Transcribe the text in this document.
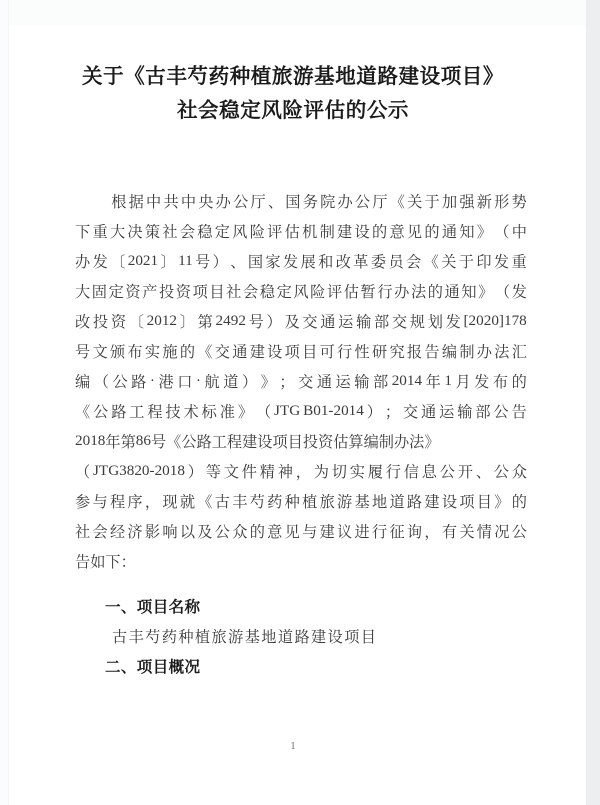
关于《古丰芍药种植旅游基地道路建设项目》
社会稳定风险评估的公示
根 据 中 共 中 央 办 公 厅 、 国 务 院 办 公 厅 《 关 于 加 强 新 形 势
下 重 大 决 策 社 会 稳 定 风 险 评 估 机 制 建 设 的 意 见 的 通 知 》 （ 中
办 发 〔 2021 〕 11 号 ） 、 国 家 发 展 和 改 革 委 员 会 《 关 于 印 发 重
大 固 定 资 产 投 资 项 目 社 会 稳 定 风 险 评 估 暂 行 办 法 的 通 知 》 （ 发
改 投 资 〔 2012 〕 第 2492 号 ） 及 交 通 运 输 部 交 规 划 发 [2020]178
号 文 颁 布 实 施 的 《 交 通 建 设 项 目 可 行 性 研 究 报 告 编 制 办 法 汇
编 （ 公 路 · 港 口 · 航 道 ） 》 ； 交 通 运 输 部 2014 年 1 月 发 布 的
《 公 路 工 程 技 术 标 准 》 （ JTG B01-2014 ） ； 交 通 运 输 部 公 告
2018 年 第 86 号 《 公 路 工 程 建 设 项 目 投 资 估 算 编 制 办 法 》
（ JTG3820-2018 ） 等 文 件 精 神 ， 为 切 实 履 行 信 息 公 开 、 公 众
参 与 程 序 ， 现 就 《 古 丰 芍 药 种 植 旅 游 基 地 道 路 建 设 项 目 》 的
社 会 经 济 影 响 以 及 公 众 的 意 见 与 建 议 进 行 征 询 ， 有 关 情 况 公
告 如 下 ：
一、项目名称
古丰芍药种植旅游基地道路建设项目
二、项目概况
1
